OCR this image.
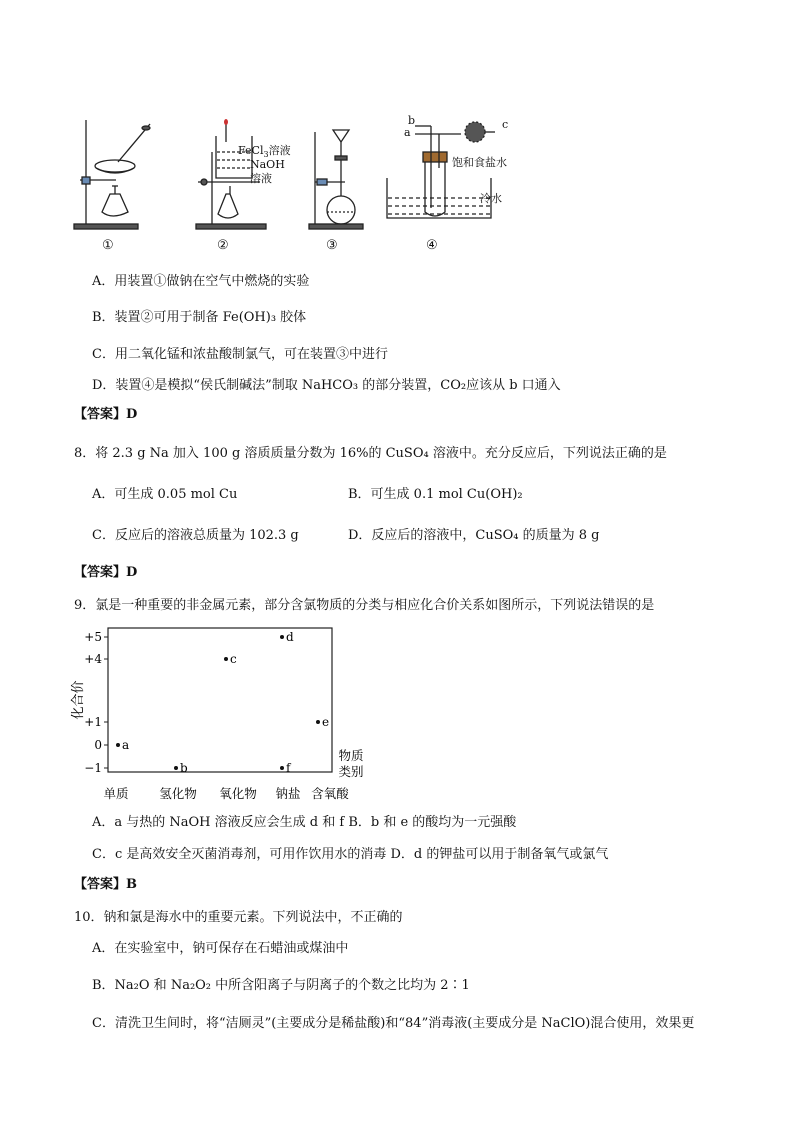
FeCl$_3$溶液
NaOH
溶液
b
a
c
饱和食盐水
冷水
①	②	③	④
A．用装置①做钠在空气中燃烧的实验
B．装置②可用于制备 Fe(OH)₃ 胶体
C．用二氧化锰和浓盐酸制氯气，可在装置③中进行
D．装置④是模拟“侯氏制碱法”制取 NaHCO₃ 的部分装置，CO₂应该从 b 口通入
【答案】D
8．将 2.3 g Na 加入 100 g 溶质质量分数为 16%的 CuSO₄ 溶液中。充分反应后，下列说法正确的是
A．可生成 0.05 mol Cu	B．可生成 0.1 mol Cu(OH)₂
C．反应后的溶液总质量为 102.3 g	D．反应后的溶液中，CuSO₄ 的质量为 8 g
【答案】D
9．氯是一种重要的非金属元素，部分含氯物质的分类与相应化合价关系如图所示，下列说法错误的是
+5
+4
+1
0
−1
化合价
单质 氢化物 氧化物 钠盐 含氧酸
物质
类别
a
b
c
d
e
f
A．a 与热的 NaOH 溶液反应会生成 d 和 f B．b 和 e 的酸均为一元强酸
C．c 是高效安全灭菌消毒剂，可用作饮用水的消毒 D．d 的钾盐可以用于制备氧气或氯气
【答案】B
10．钠和氯是海水中的重要元素。下列说法中，不正确的
A．在实验室中，钠可保存在石蜡油或煤油中
B．Na₂O 和 Na₂O₂ 中所含阳离子与阴离子的个数之比均为 2∶1
C．清洗卫生间时，将“洁厕灵”(主要成分是稀盐酸)和“84”消毒液(主要成分是 NaClO)混合使用，效果更
